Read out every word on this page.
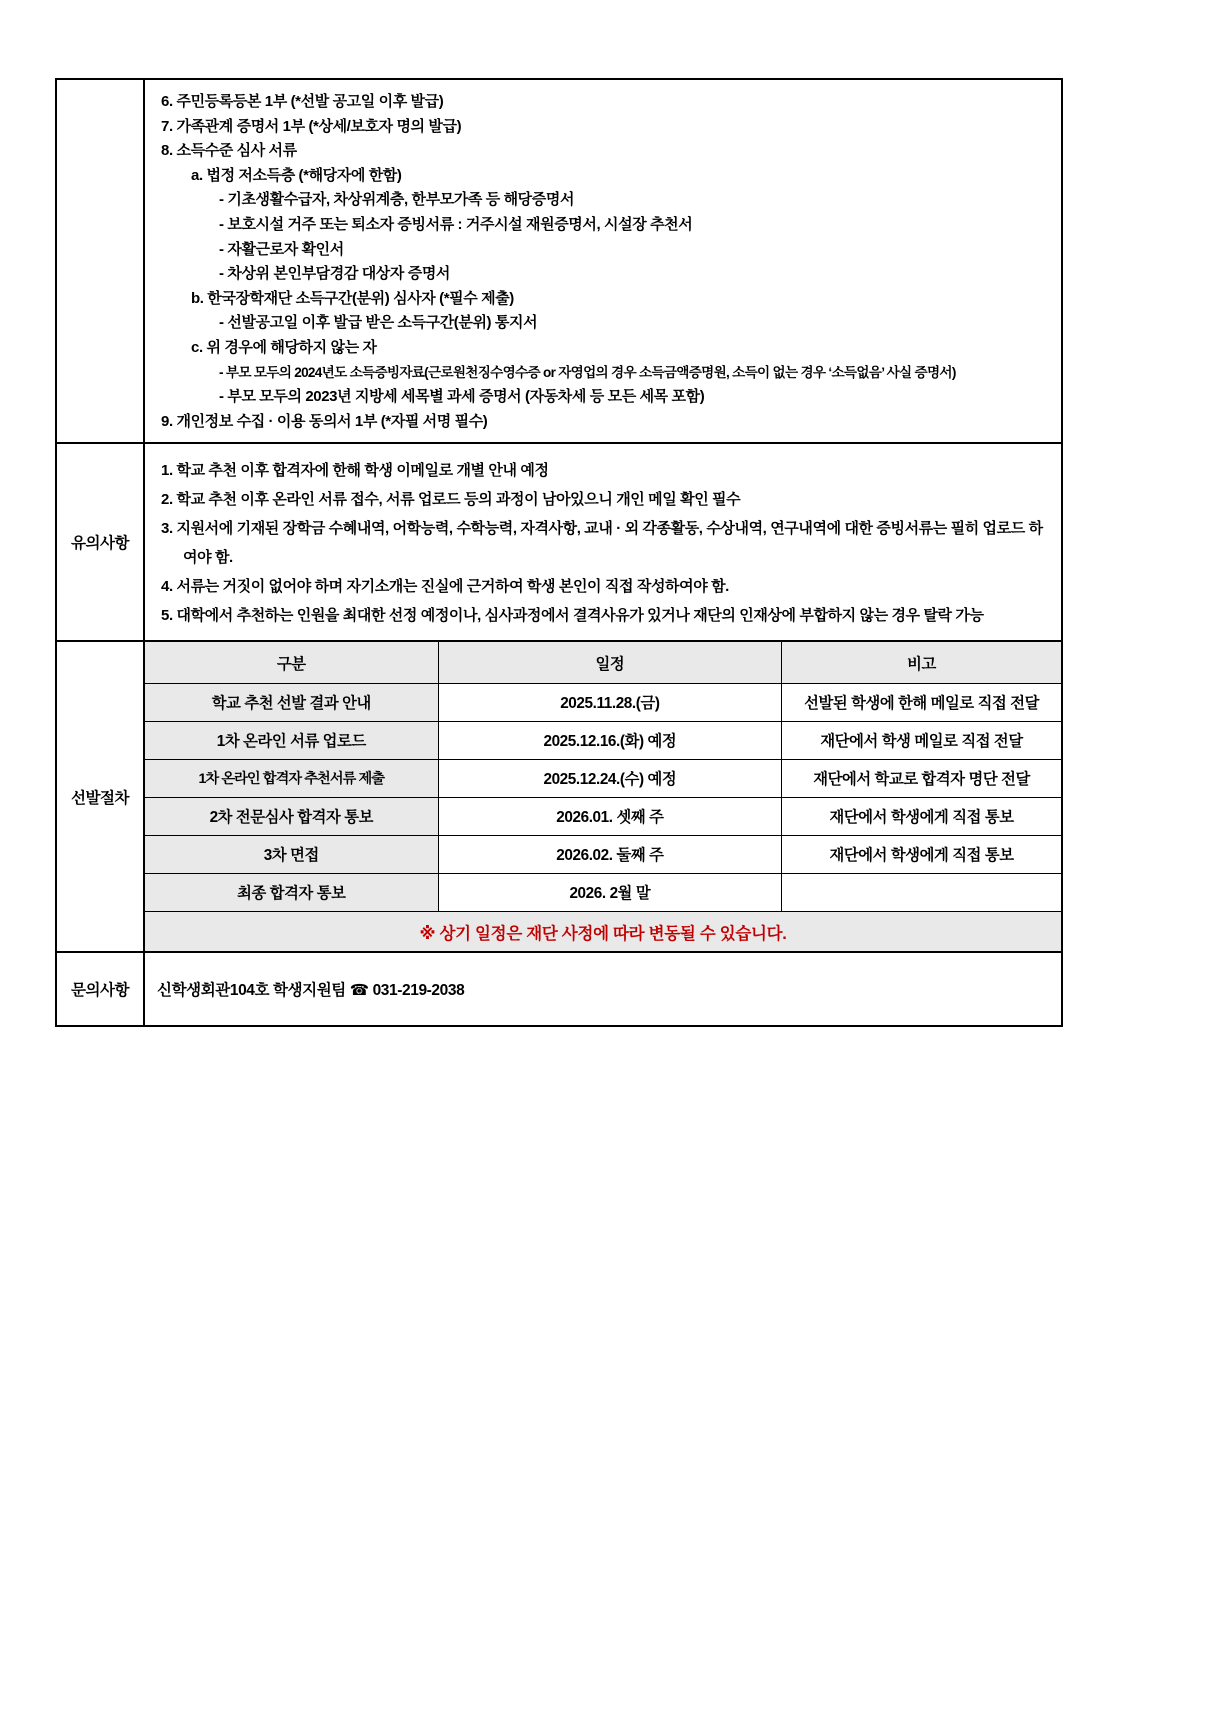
6. 주민등록등본 1부 (*선발 공고일 이후 발급)
7. 가족관계 증명서 1부 (*상세/보호자 명의 발급)
8. 소득수준 심사 서류
a. 법정 저소득층 (*해당자에 한함)
- 기초생활수급자, 차상위계층, 한부모가족 등 해당증명서
- 보호시설 거주 또는 퇴소자 증빙서류 : 거주시설 재원증명서, 시설장 추천서
- 자활근로자 확인서
- 차상위 본인부담경감 대상자 증명서
b. 한국장학재단 소득구간(분위) 심사자 (*필수 제출)
- 선발공고일 이후 발급 받은 소득구간(분위) 통지서
c. 위 경우에 해당하지 않는 자
- 부모 모두의 2024년도 소득증빙자료(근로원천징수영수증 or 자영업의 경우 소득금액증명원, 소득이 없는 경우 ‘소득없음’ 사실 증명서)
- 부모 모두의 2023년 지방세 세목별 과세 증명서 (자동차세 등 모든 세목 포함)
9. 개인정보 수집 · 이용 동의서 1부 (*자필 서명 필수)
유의사항
1. 학교 추천 이후 합격자에 한해 학생 이메일로 개별 안내 예정
2. 학교 추천 이후 온라인 서류 접수, 서류 업로드 등의 과정이 남아있으니 개인 메일 확인 필수
3. 지원서에 기재된 장학금 수혜내역, 어학능력, 수학능력, 자격사항, 교내 · 외 각종활동, 수상내역, 연구내역에 대한 증빙서류는 필히 업로드 하여야 함.
4. 서류는 거짓이 없어야 하며 자기소개는 진실에 근거하여 학생 본인이 직접 작성하여야 함.
5. 대학에서 추천하는 인원을 최대한 선정 예정이나, 심사과정에서 결격사유가 있거나 재단의 인재상에 부합하지 않는 경우 탈락 가능
선발절차
구분	일정	비고
학교 추천 선발 결과 안내	2025.11.28.(금)	선발된 학생에 한해 메일로 직접 전달
1차 온라인 서류 업로드	2025.12.16.(화) 예정	재단에서 학생 메일로 직접 전달
1차 온라인 합격자 추천서류 제출	2025.12.24.(수) 예정	재단에서 학교로 합격자 명단 전달
2차 전문심사 합격자 통보	2026.01. 셋째 주	재단에서 학생에게 직접 통보
3차 면접	2026.02. 둘째 주	재단에서 학생에게 직접 통보
최종 합격자 통보	2026. 2월 말	
※ 상기 일정은 재단 사정에 따라 변동될 수 있습니다.		
문의사항	신학생회관104호 학생지원팀 ☎ 031-219-2038
